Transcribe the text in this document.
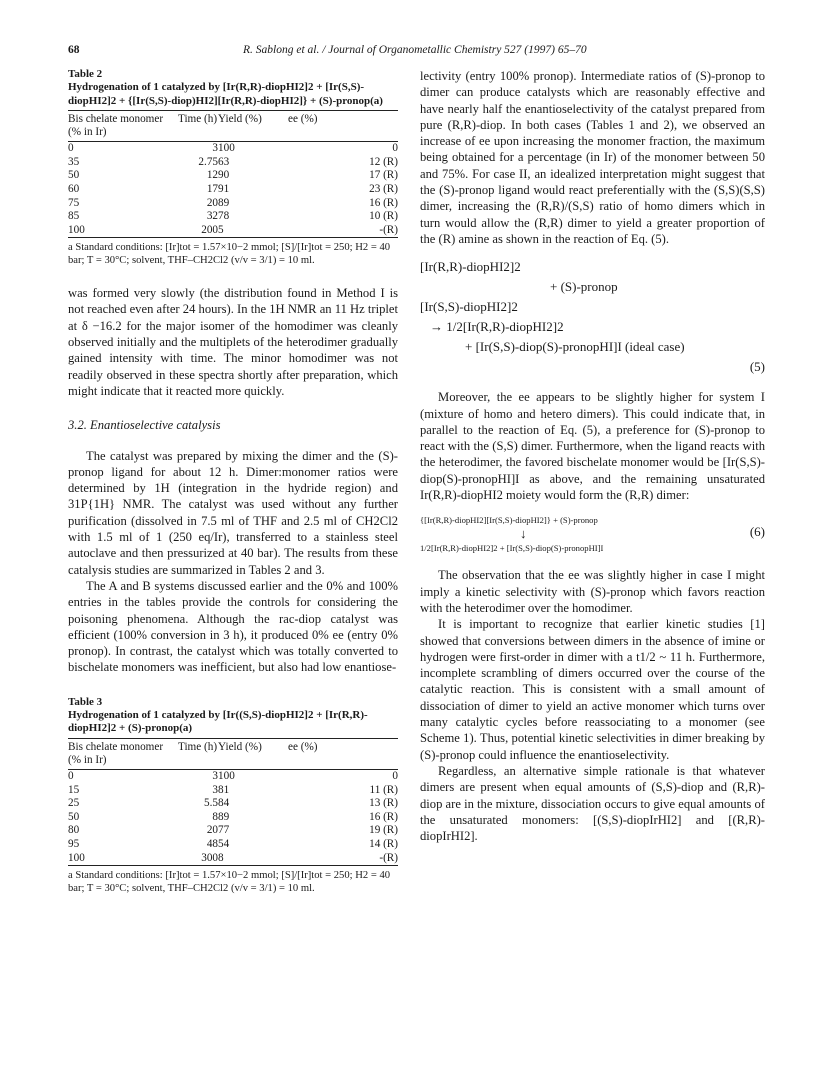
68	R. Sablong et al. / Journal of Organometallic Chemistry 527 (1997) 65–70
Table 2
Hydrogenation of 1 catalyzed by [Ir(R,R)-diopHI2]2 + [Ir(S,S)-diopHI2]2 + {[Ir(S,S)-diop)HI2][Ir(R,R)-diopHI2]} + (S)-pronop(a)
Bis chelate monomer (% in Ir)	Time (h)	Yield (%)	ee (%)
0	3	100	0
35	2.75	63	12 (R)
50	12	90	17 (R)
60	17	91	23 (R)
75	20	89	16 (R)
85	32	78	10 (R)
100	200	5	-(R)
a Standard conditions: [Ir]tot = 1.57×10−2 mmol; [S]/[Ir]tot = 250; H2 = 40 bar; T = 30°C; solvent, THF–CH2Cl2 (v/v = 3/1) = 10 ml.

was formed very slowly (the distribution found in Method I is not reached even after 24 hours). In the 1H NMR an 11 Hz triplet at δ −16.2 for the major isomer of the homodimer was cleanly observed initially and the multiplets of the heterodimer gradually gained intensity with time. The minor homodimer was not readily observed in these spectra shortly after preparation, which might indicate that it reacted more quickly.

3.2. Enantioselective catalysis

The catalyst was prepared by mixing the dimer and the (S)-pronop ligand for about 12 h. Dimer:monomer ratios were determined by 1H (integration in the hydride region) and 31P{1H} NMR. The catalyst was used without any further purification (dissolved in 7.5 ml of THF and 2.5 ml of CH2Cl2 with 1.5 ml of 1 (250 eq/Ir), transferred to a stainless steel autoclave and then pressurized at 40 bar). The results from these catalysis studies are summarized in Tables 2 and 3.

The A and B systems discussed earlier and the 0% and 100% entries in the tables provide the controls for considering the poisoning phenomena. Although the rac-diop catalyst was efficient (100% conversion in 3 h), it produced 0% ee (entry 0% pronop). In contrast, the catalyst which was totally converted to bischelate monomers was inefficient, but also had low enantiose-

Table 3
Hydrogenation of 1 catalyzed by [Ir((S,S)-diopHI2]2 + [Ir(R,R)-diopHI2]2 + (S)-pronop(a)
Bis chelate monomer (% in Ir)	Time (h)	Yield (%)	ee (%)
0	3	100	0
15	3	81	11 (R)
25	5.5	84	13 (R)
50	8	89	16 (R)
80	20	77	19 (R)
95	48	54	14 (R)
100	300	8	-(R)
a Standard conditions: [Ir]tot = 1.57×10−2 mmol; [S]/[Ir]tot = 250; H2 = 40 bar; T = 30°C; solvent, THF–CH2Cl2 (v/v = 3/1) = 10 ml.

lectivity (entry 100% pronop). Intermediate ratios of (S)-pronop to dimer can produce catalysts which are reasonably effective and have nearly half the enantioselectivity of the catalyst prepared from pure (R,R)-diop. In both cases (Tables 1 and 2), we observed an increase of ee upon increasing the monomer fraction, the maximum being obtained for a percentage (in Ir) of the monomer between 50 and 75%. For case II, an idealized interpretation might suggest that the (S)-pronop ligand would react preferentially with the (S,S)(S,S) dimer, increasing the (R,R)/(S,S) ratio of homo dimers which in turn would allow the (R,R) dimer to yield a greater proportion of the (R) amine as shown in the reaction of Eq. (5).

[Ir(R,R)-diopHI2]2
+ (S)-pronop
[Ir(S,S)-diopHI2]2
→ 1/2[Ir(R,R)-diopHI2]2
+ [Ir(S,S)-diop(S)-pronopHI]I (ideal case)
(5)

Moreover, the ee appears to be slightly higher for system I (mixture of homo and hetero dimers). This could indicate that, in parallel to the reaction of Eq. (5), a preference for (S)-pronop to react with the (S,S) dimer. Furthermore, when the ligand reacts with the heterodimer, the favored bischelate monomer would be [Ir(S,S)-diop(S)-pronopHI]I as above, and the remaining unsaturated Ir(R,R)-diopHI2 moiety would form the (R,R) dimer:

{[Ir(R,R)-diopHI2][Ir(S,S)-diopHI2]} + (S)-pronop
↓
1/2[Ir(R,R)-diopHI2]2 + [Ir(S,S)-diop(S)-pronopHI]I
(6)

The observation that the ee was slightly higher in case I might imply a kinetic selectivity with (S)-pronop which favors reaction with the heterodimer over the homodimer.

It is important to recognize that earlier kinetic studies [1] showed that conversions between dimers in the absence of imine or hydrogen were first-order in dimer with a t1/2 ~ 11 h. Furthermore, incomplete scrambling of dimers occurred over the course of the catalytic reaction. This is consistent with a small amount of dissociation of dimer to yield an active monomer which turns over many catalytic cycles before reassociating to a monomer (see Scheme 1). Thus, potential kinetic selectivities in dimer breaking by (S)-pronop could influence the enantioselectivity.

Regardless, an alternative simple rationale is that whatever dimers are present when equal amounts of (S,S)-diop and (R,R)-diop are in the mixture, dissociation occurs to give equal amounts of the unsaturated monomers: [(S,S)-diopIrHI2] and [(R,R)-diopIrHI2].
